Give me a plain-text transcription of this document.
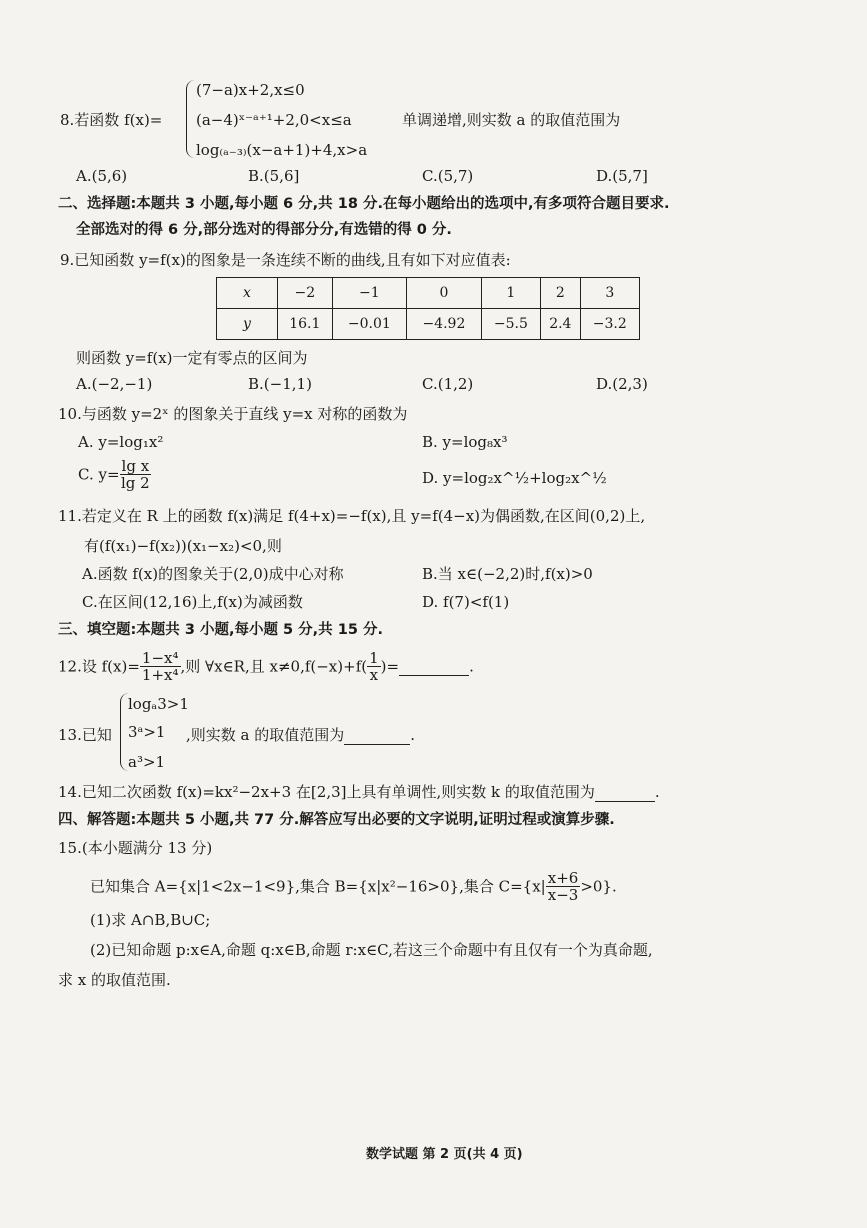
8.若函数 f(x)=
(7−a)x+2,x≤0
(a−4)ˣ⁻ᵃ⁺¹+2,0<x≤a
log₍ₐ₋₃₎(x−a+1)+4,x>a
单调递增,则实数 a 的取值范围为
A.(5,6)	B.(5,6]	C.(5,7)	D.(5,7]
二、选择题:本题共 3 小题,每小题 6 分,共 18 分.在每小题给出的选项中,有多项符合题目要求.
全部选对的得 6 分,部分选对的得部分分,有选错的得 0 分.
9.已知函数 y=f(x)的图象是一条连续不断的曲线,且有如下对应值表:
x	−2	−1	0	1	2	3
y	16.1	−0.01	−4.92	−5.5	2.4	−3.2
则函数 y=f(x)一定有零点的区间为
A.(−2,−1)	B.(−1,1)	C.(1,2)	D.(2,3)
10.与函数 y=2ˣ 的图象关于直线 y=x 对称的函数为
A. y=log₁x²	B. y=log₈x³
C. $y= \frac{\text{lg x}}{\lg 2}$	D. y=log₂x^½+log₂x^½
11.若定义在 R 上的函数 f(x)满足 f(4+x)=−f(x),且 y=f(4−x)为偶函数,在区间(0,2)上,
有(f(x₁)−f(x₂))(x₁−x₂)<0,则
A.函数 f(x)的图象关于(2,0)成中心对称	B.当 x∈(−2,2)时,f(x)>0
C.在区间(12,16)上,f(x)为减函数	D. f(7)<f(1)
三、填空题:本题共 3 小题,每小题 5 分,共 15 分.
12.设 $f(x)= \frac{\text{1−x⁴}}{\text{1+x⁴}}$ ,则 ∀x∈R,且 $x\ne 0,f(-x)+f( \frac{1}{x}$ )=	.
13.已知
logₐ3>1
3ᵃ>1
a³>1
,则实数 a 的取值范围为	.
14.已知二次函数 f(x)=kx²−2x+3 在[2,3]上具有单调性,则实数 k 的取值范围为	.
四、解答题:本题共 5 小题,共 77 分.解答应写出必要的文字说明,证明过程或演算步骤.
15.(本小题满分 13 分)
已知集合 A={x|1<2x−1<9},集合 B={x|x²−16>0},集合 $C=\{x| \frac{x+6}{x-3} >0\}$.
(1)求 A∩B,B∪C;
(2)已知命题 p:x∈A,命题 q:x∈B,命题 r:x∈C,若这三个命题中有且仅有一个为真命题,
求 x 的取值范围.
数学试题 第 2 页(共 4 页)
